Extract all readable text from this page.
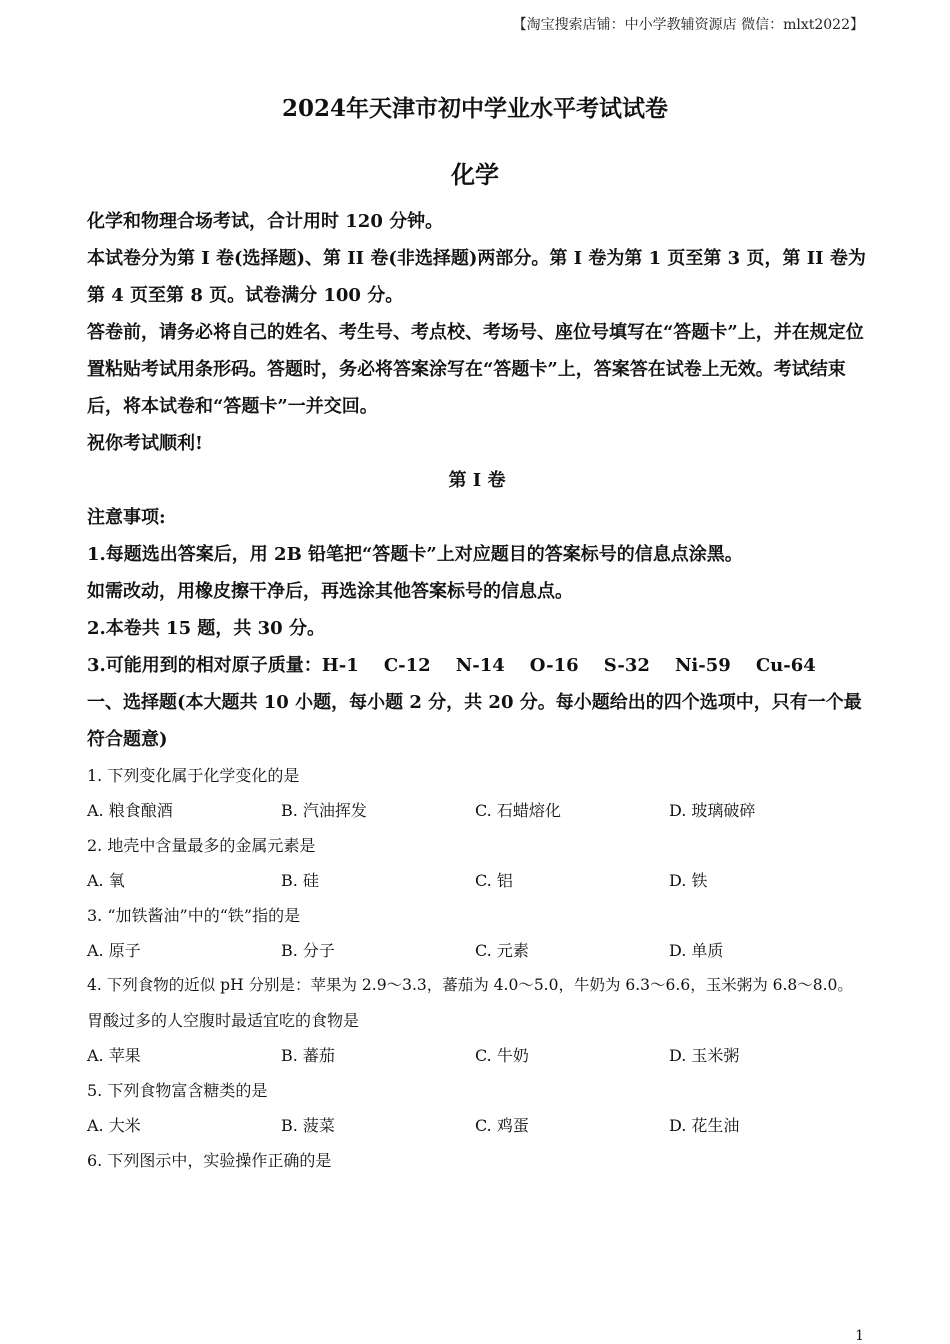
【淘宝搜索店铺：中小学教辅资源店 微信：mlxt2022】
2024年天津市初中学业水平考试试卷
化学

化学和物理合场考试，合计用时 120 分钟。

本试卷分为第 I 卷(选择题)、第 II 卷(非选择题)两部分。第 I 卷为第 1 页至第 3 页，第 II 卷为第 4 页至第 8 页。试卷满分 100 分。

答卷前，请务必将自己的姓名、考生号、考点校、考场号、座位号填写在“答题卡”上，并在规定位置粘贴考试用条形码。答题时，务必将答案涂写在“答题卡”上，答案答在试卷上无效。考试结束后，将本试卷和“答题卡”一并交回。

祝你考试顺利!

第 I 卷

注意事项:

1.每题选出答案后，用 2B 铅笔把“答题卡”上对应题目的答案标号的信息点涂黑。

如需改动，用橡皮擦干净后，再选涂其他答案标号的信息点。

2.本卷共 15 题，共 30 分。

3.可能用到的相对原子质量：H-1    C-12    N-14    O-16    S-32    Ni-59    Cu-64

一、选择题(本大题共 10 小题，每小题 2 分，共 20 分。每小题给出的四个选项中，只有一个最符合题意)

1. 下列变化属于化学变化的是

A. 粮食酿酒	B. 汽油挥发	C. 石蜡熔化	D. 玻璃破碎

2. 地壳中含量最多的金属元素是

A. 氧	B. 硅	C. 铝	D. 铁

3. “加铁酱油”中的“铁”指的是

A. 原子	B. 分子	C. 元素	D. 单质

4. 下列食物的近似 pH 分别是：苹果为 2.9～3.3，蕃茄为 4.0～5.0，牛奶为 6.3～6.6，玉米粥为 6.8～8.0。

胃酸过多的人空腹时最适宜吃的食物是

A. 苹果	B. 蕃茄	C. 牛奶	D. 玉米粥

5. 下列食物富含糖类的是

A. 大米	B. 菠菜	C. 鸡蛋	D. 花生油

6. 下列图示中，实验操作正确的是

1
